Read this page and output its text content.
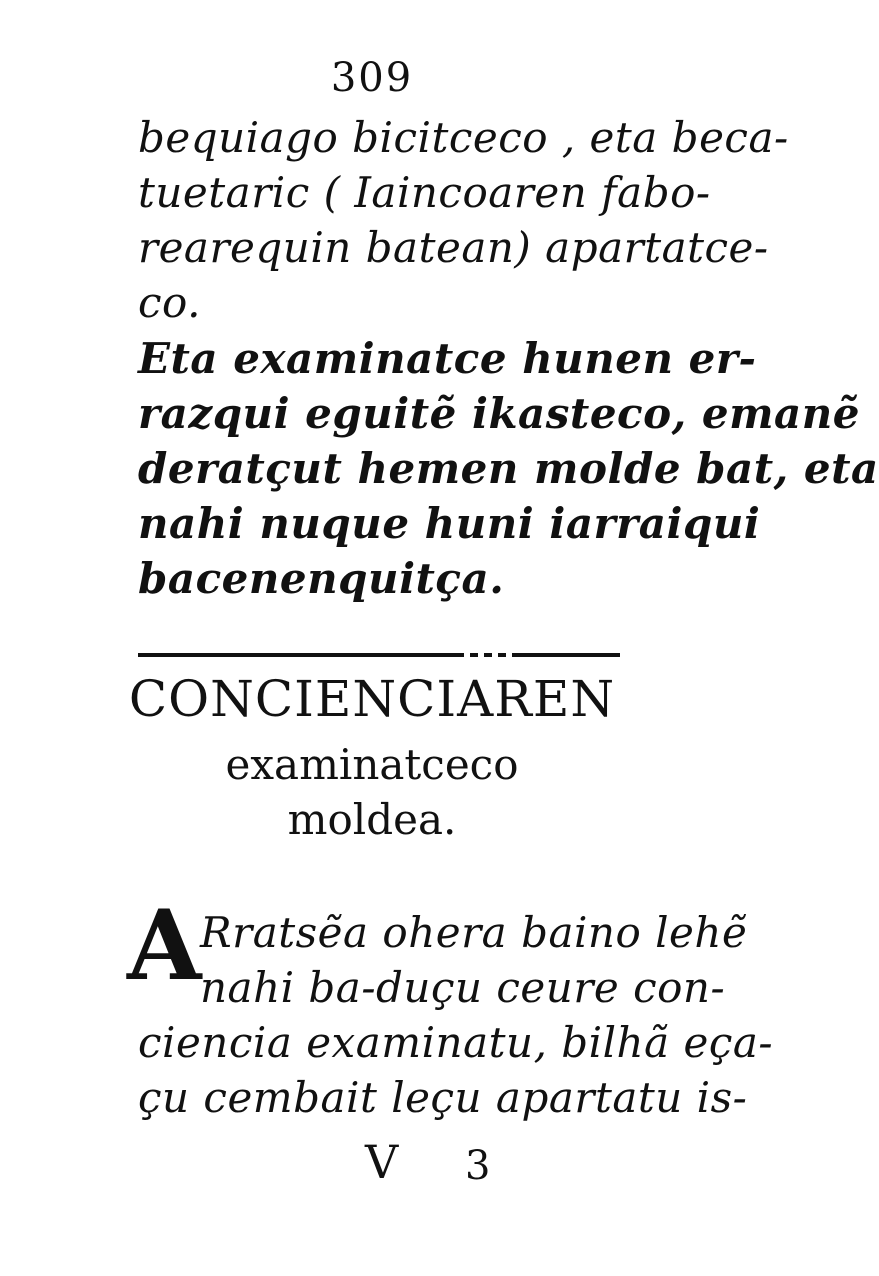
309
bequiago bicitceco , eta beca-
tuetaric ( Iaincoaren fabo-
rearequin batean) apartatce-
co.
Eta examinatce hunen er-
razqui eguitẽ ikasteco, emanẽ
deratçut hemen molde bat, eta
nahi nuque huni iarraiqui
bacenenquitça.
CONCIENCIAREN
examinatceco
moldea.
A
Rratsẽa ohera baino lehẽ
nahi ba-duçu ceure con-
ciencia examinatu, bilhã eça-
çu cembait leçu apartatu is-
V 3
